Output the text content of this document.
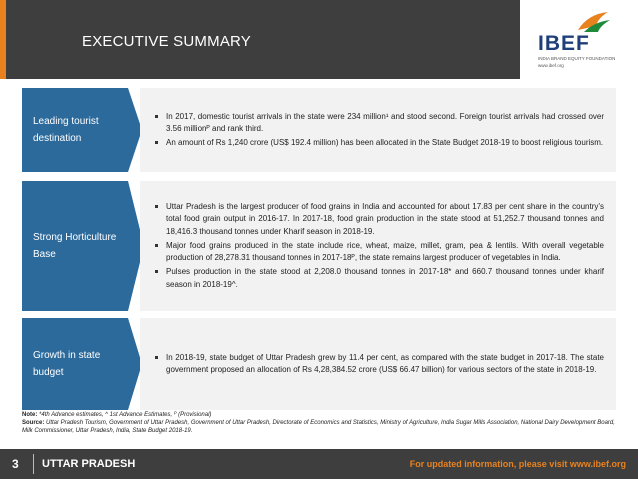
EXECUTIVE SUMMARY	IBEF
INDIA BRAND EQUITY FOUNDATION
www.ibef.org
Leading tourist destination
In 2017, domestic tourist arrivals in the state were 234 million¹ and stood second. Foreign tourist arrivals had crossed over 3.56 millionᴾ and rank third.
An amount of Rs 1,240 crore (US$ 192.4 million) has been allocated in the State Budget 2018-19 to boost religious tourism.
Strong Horticulture Base
Uttar Pradesh is the largest producer of food grains in India and accounted for about 17.83 per cent share in the country’s total food grain output in 2016-17. In 2017-18, food grain production in the state stood at 51,252.7 thousand tonnes and 18,416.3 thousand tonnes under Kharif season in 2018-19.
Major food grains produced in the state include rice, wheat, maize, millet, gram, pea & lentils. With overall vegetable production of 28,278.31 thousand tonnes in 2017-18ᴾ, the state remains largest producer of vegetables in India.
Pulses production in the state stood at 2,208.0 thousand tonnes in 2017-18* and 660.7 thousand tonnes under kharif season in 2018-19^.
Growth in state budget
In 2018-19, state budget of Uttar Pradesh grew by 11.4 per cent, as compared with the state budget in 2017-18. The state government proposed an allocation of Rs 4,28,384.52 crore (US$ 66.47 billion) for various sectors of the state in 2018-19.
Note: *4th Advance estimates, ^ 1st Advance Estimates, ᴾ (Provisional)
Source: Uttar Pradesh Tourism, Government of Uttar Pradesh, Government of Uttar Pradesh, Directorate of Economics and Statistics, Ministry of Agriculture, India Sugar Mills Association, National Dairy Development Board, Milk Commissioner, Uttar Pradesh, India, State Budget 2018-19.
3 UTTAR PRADESH	For updated information, please visit www.ibef.org
